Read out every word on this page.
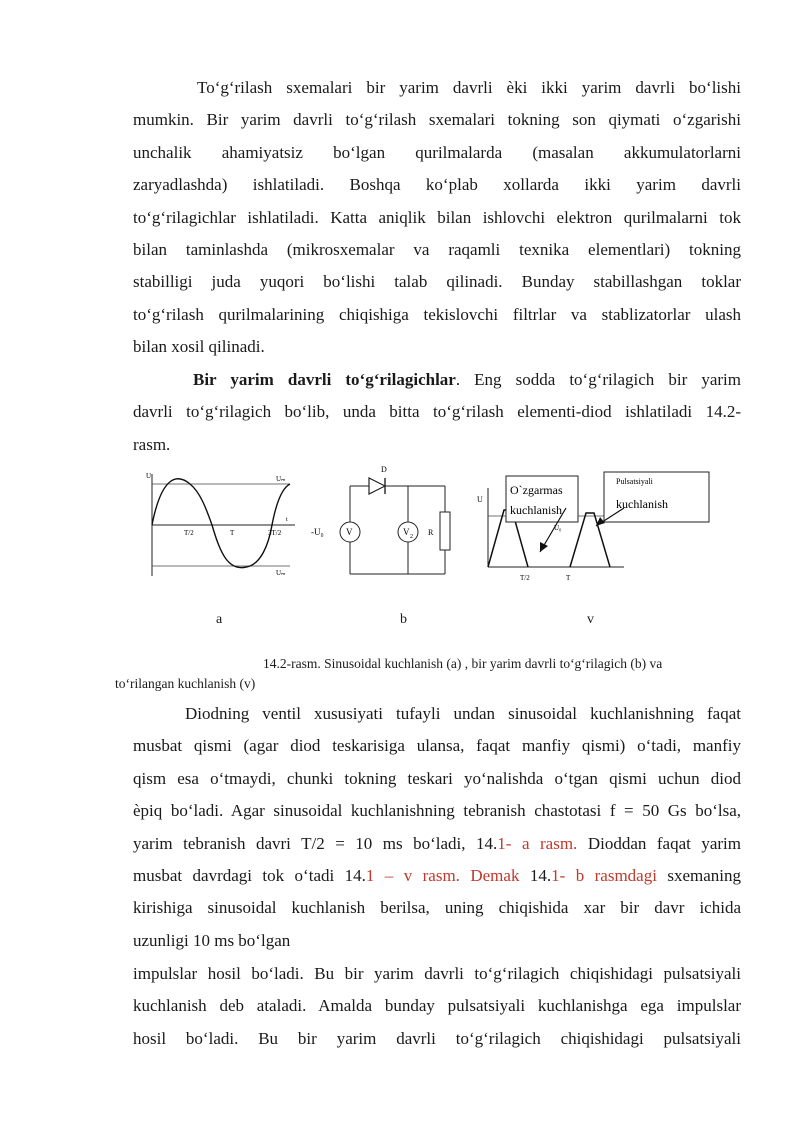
To‘g‘rilash sxemalari bir yarim davrli èki ikki yarim davrli bo‘lishi

mumkin. Bir yarim davrli to‘g‘rilash sxemalari tokning son qiymati o‘zgarishi

unchalik ahamiyatsiz bo‘lgan qurilmalarda (masalan akkumulatorlarni

zaryadlashda) ishlatiladi. Boshqa ko‘plab xollarda ikki yarim davrli

to‘g‘rilagichlar ishlatiladi. Katta aniqlik bilan ishlovchi elektron qurilmalarni tok

bilan taminlashda (mikrosxemalar va raqamli texnika elementlari) tokning

stabilligi juda yuqori bo‘lishi talab qilinadi. Bunday stabillashgan toklar

to‘g‘rilash qurilmalarining chiqishiga tekislovchi filtrlar va stablizatorlar ulash

bilan xosil qilinadi.

Bir yarim davrli to‘g‘rilagichlar. Eng sodda to‘g‘rilagich bir yarim

davrli to‘g‘rilagich bo‘lib, unda bitta to‘g‘rilash elementi-diod ishlatiladi 14.2-

rasm.

U	Uₘ
T/2	T	3T/2
t
Uₘ
D
-U₀ V	V 2 R
O`zgarmas
kuchlanish
Pulsatsiyali
kuchlanish
U
U₀
T/2	T
a	b	v
14.2-rasm. Sinusoidal kuchlanish (a) , bir yarim davrli to‘g‘rilagich (b) va
to‘rilangan kuchlanish (v)

Diodning ventil xususiyati tufayli undan sinusoidal kuchlanishning faqat

musbat qismi (agar diod teskarisiga ulansa, faqat manfiy qismi) o‘tadi, manfiy

qism esa o‘tmaydi, chunki tokning teskari yo‘nalishda o‘tgan qismi uchun diod

èpiq bo‘ladi. Agar sinusoidal kuchlanishning tebranish chastotasi f = 50 Gs bo‘lsa,

yarim tebranish davri T/2 = 10 ms bo‘ladi, 14.1- a rasm. Dioddan faqat yarim

musbat davrdagi tok o‘tadi 14.1 – v rasm. Demak 14.1- b rasmdagi sxemaning

kirishiga sinusoidal kuchlanish berilsa, uning chiqishida xar bir davr ichida

uzunligi 10 ms bo‘lgan

impulslar hosil bo‘ladi. Bu bir yarim davrli to‘g‘rilagich chiqishidagi pulsatsiyali

kuchlanish deb ataladi. Amalda bunday pulsatsiyali kuchlanishga ega impulslar

hosil bo‘ladi. Bu bir yarim davrli to‘g‘rilagich chiqishidagi pulsatsiyali
